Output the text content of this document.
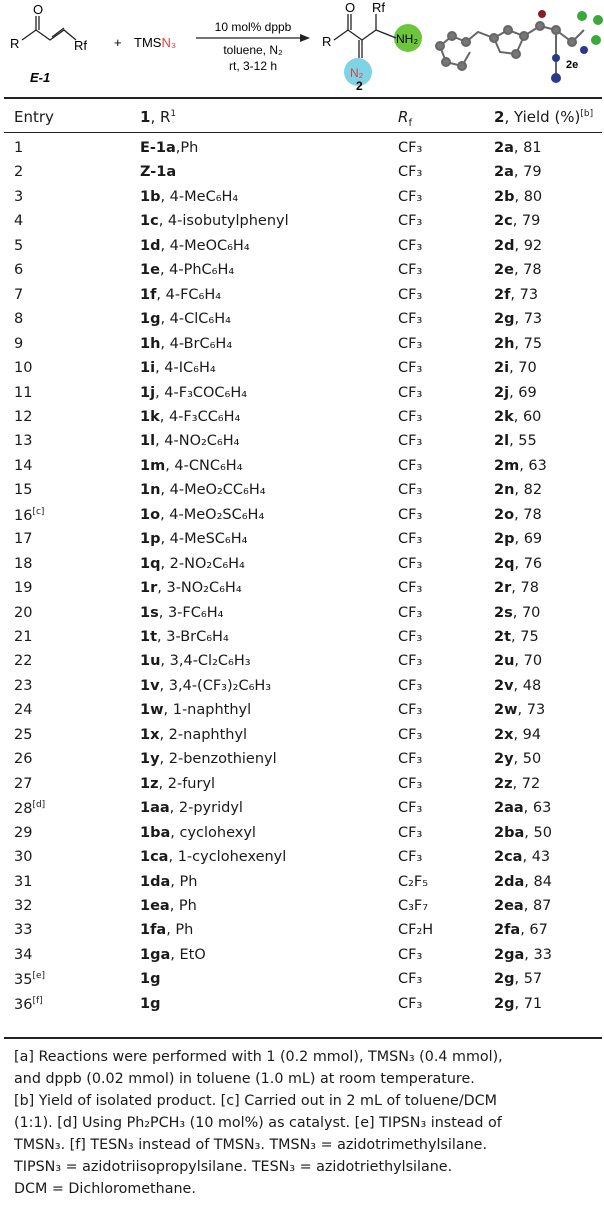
O
R	Rf
E-1
+ TMSN₃
10 mol% dppb
toluene, N₂
rt, 3-12 h
O
R
Rf
N₂
NH₂
2
2e
Entry	1, $R^1$	$R_f$	2, Yield (%)[b]
1	E-1a,Ph	CF₃	2a, 81
2	Z-1a	CF₃	2a, 79
3	1b, 4-MeC₆H₄	CF₃	2b, 80
4	1c, 4-isobutylphenyl	CF₃	2c, 79
5	1d, 4-MeOC₆H₄	CF₃	2d, 92
6	1e, 4-PhC₆H₄	CF₃	2e, 78
7	1f, 4-FC₆H₄	CF₃	2f, 73
8	1g, 4-ClC₆H₄	CF₃	2g, 73
9	1h, 4-BrC₆H₄	CF₃	2h, 75
10	1i, 4-IC₆H₄	CF₃	2i, 70
11	1j, 4-F₃COC₆H₄	CF₃	2j, 69
12	1k, 4-F₃CC₆H₄	CF₃	2k, 60
13	1l, 4-NO₂C₆H₄	CF₃	2l, 55
14	1m, 4-CNC₆H₄	CF₃	2m, 63
15	1n, 4-MeO₂CC₆H₄	CF₃	2n, 82
16[c]	1o, 4-MeO₂SC₆H₄	CF₃	2o, 78
17	1p, 4-MeSC₆H₄	CF₃	2p, 69
18	1q, 2-NO₂C₆H₄	CF₃	2q, 76
19	1r, 3-NO₂C₆H₄	CF₃	2r, 78
20	1s, 3-FC₆H₄	CF₃	2s, 70
21	1t, 3-BrC₆H₄	CF₃	2t, 75
22	1u, 3,4-Cl₂C₆H₃	CF₃	2u, 70
23	1v, 3,4-(CF₃)₂C₆H₃	CF₃	2v, 48
24	1w, 1-naphthyl	CF₃	2w, 73
25	1x, 2-naphthyl	CF₃	2x, 94
26	1y, 2-benzothienyl	CF₃	2y, 50
27	1z, 2-furyl	CF₃	2z, 72
28[d]	1aa, 2-pyridyl	CF₃	2aa, 63
29	1ba, cyclohexyl	CF₃	2ba, 50
30	1ca, 1-cyclohexenyl	CF₃	2ca, 43
31	1da, Ph	C₂F₅	2da, 84
32	1ea, Ph	C₃F₇	2ea, 87
33	1fa, Ph	CF₂H	2fa, 67
34	1ga, EtO	CF₃	2ga, 33
35[e]	1g	CF₃	2g, 57
36[f]	1g	CF₃	2g, 71
[a] Reactions were performed with 1 (0.2 mmol), TMSN₃ (0.4 mmol),
and dppb (0.02 mmol) in toluene (1.0 mL) at room temperature.
[b] Yield of isolated product. [c] Carried out in 2 mL of toluene/DCM
(1:1). [d] Using Ph₂PCH₃ (10 mol%) as catalyst. [e] TIPSN₃ instead of
TMSN₃. [f] TESN₃ instead of TMSN₃. TMSN₃ = azidotrimethylsilane.
TIPSN₃ = azidotriisopropylsilane. TESN₃ = azidotriethylsilane.
DCM = Dichloromethane.
